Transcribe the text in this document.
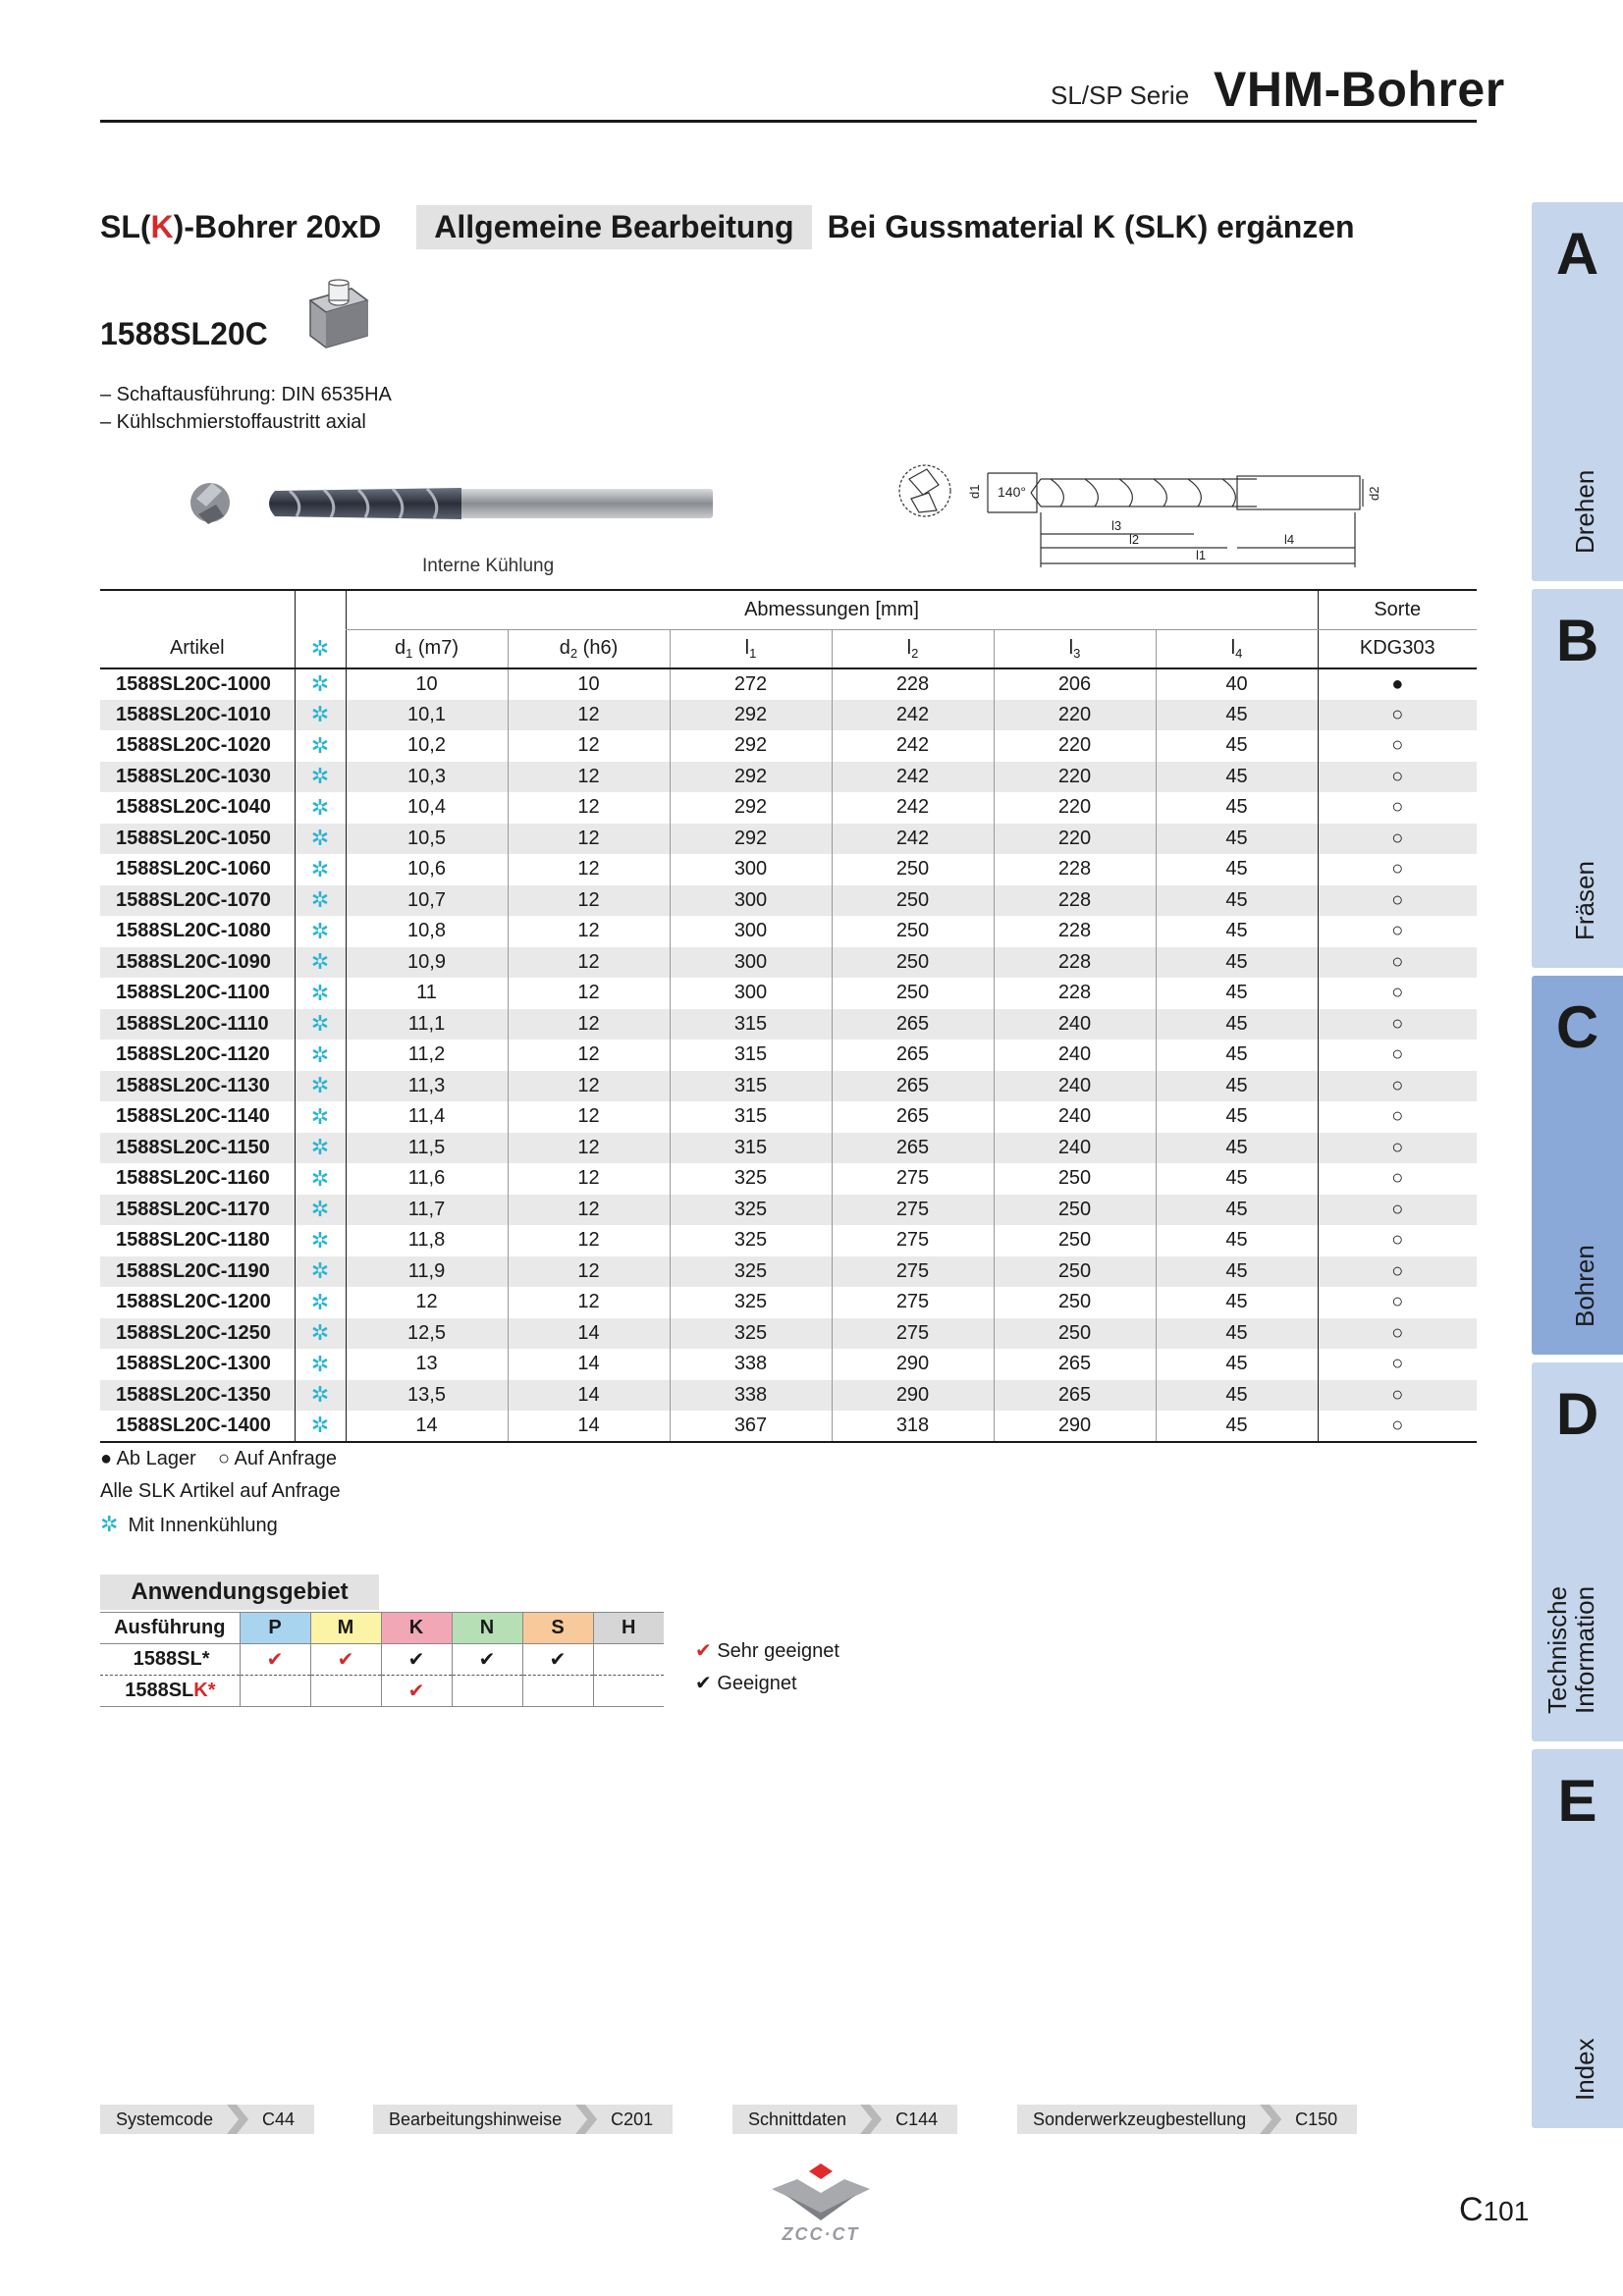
SL/SP Serie VHM-Bohrer
SL(K)-Bohrer 20xD	Allgemeine Bearbeitung	Bei Gussmaterial K (SLK) ergänzen
1588SL20C
– Schaftausführung: DIN 6535HA
– Kühlschmierstoffaustritt axial
Interne Kühlung
140°
d1	d2
l3
l2	l4
l1
		Abmessungen [mm]						Sorte
Artikel	✲	$d_1$ (m7)	$d_2$ (h6)	$l_1$	$l_2$	$l_3$	$l_4$	KDG303
1588SL20C-1000	✲	10	10	272	228	206	40	●
1588SL20C-1010	✲	10,1	12	292	242	220	45	○
1588SL20C-1020	✲	10,2	12	292	242	220	45	○
1588SL20C-1030	✲	10,3	12	292	242	220	45	○
1588SL20C-1040	✲	10,4	12	292	242	220	45	○
1588SL20C-1050	✲	10,5	12	292	242	220	45	○
1588SL20C-1060	✲	10,6	12	300	250	228	45	○
1588SL20C-1070	✲	10,7	12	300	250	228	45	○
1588SL20C-1080	✲	10,8	12	300	250	228	45	○
1588SL20C-1090	✲	10,9	12	300	250	228	45	○
1588SL20C-1100	✲	11	12	300	250	228	45	○
1588SL20C-1110	✲	11,1	12	315	265	240	45	○
1588SL20C-1120	✲	11,2	12	315	265	240	45	○
1588SL20C-1130	✲	11,3	12	315	265	240	45	○
1588SL20C-1140	✲	11,4	12	315	265	240	45	○
1588SL20C-1150	✲	11,5	12	315	265	240	45	○
1588SL20C-1160	✲	11,6	12	325	275	250	45	○
1588SL20C-1170	✲	11,7	12	325	275	250	45	○
1588SL20C-1180	✲	11,8	12	325	275	250	45	○
1588SL20C-1190	✲	11,9	12	325	275	250	45	○
1588SL20C-1200	✲	12	12	325	275	250	45	○
1588SL20C-1250	✲	12,5	14	325	275	250	45	○
1588SL20C-1300	✲	13	14	338	290	265	45	○
1588SL20C-1350	✲	13,5	14	338	290	265	45	○
1588SL20C-1400	✲	14	14	367	318	290	45	○
● Ab Lager ○ Auf Anfrage
Alle SLK Artikel auf Anfrage
✲ Mit Innenkühlung
Anwendungsgebiet
Ausführung	P	M	K	N	S	H
1588SL*	✔	✔	✔	✔	✔	
1588SLK*			✔			
✔ Sehr geeignet
✔ Geeignet
A
Drehen
B
Fräsen
C
Bohren
D
Technische Information
E
Index
Systemcode	C44	Bearbeitungshinweise	C201	Schnittdaten	C144	Sonderwerkzeugbestellung	C150
ZCC·CT
C101
